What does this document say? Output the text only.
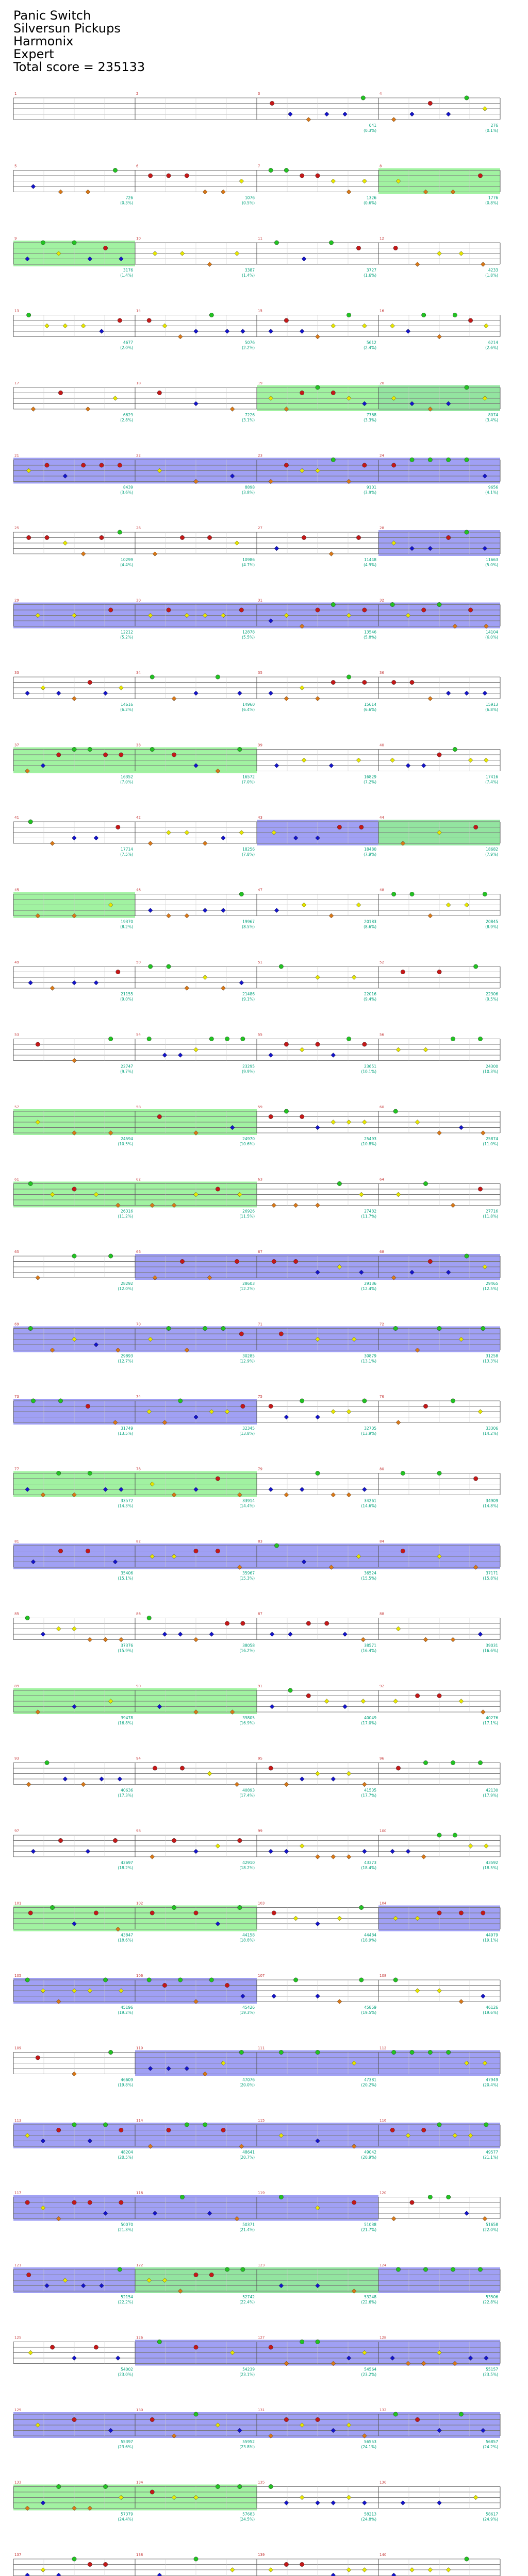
Panic Switch
Silversun Pickups
Harmonix
Expert
Total score = 235133
1	2	3
641
(0.3%)
4
276
(0.1%)
5
726
(0.3%)
6
1076
(0.5%)
7
1326
(0.6%)
8
1776
(0.8%)
9
3176
(1.4%)
10
3387
(1.4%)
11
3727
(1.6%)
12
4233
(1.8%)
13
4677
(2.0%)
14
5076
(2.2%)
15
5612
(2.4%)
16
6214
(2.6%)
17
6629
(2.8%)
18
7226
(3.1%)
19
7768
(3.3%)
20
8074
(3.4%)
21
8439
(3.6%)
22
8898
(3.8%)
23
9101
(3.9%)
24
9656
(4.1%)
25
10299
(4.4%)
26
10986
(4.7%)
27
11448
(4.9%)
28
11663
(5.0%)
29
12212
(5.2%)
30
12878
(5.5%)
31
13546
(5.8%)
32
14104
(6.0%)
33
14616
(6.2%)
34
14960
(6.4%)
35
15614
(6.6%)
36
15913
(6.8%)
37
16352
(7.0%)
38
16572
(7.0%)
39
16829
(7.2%)
40
17416
(7.4%)
41
17714
(7.5%)
42
18256
(7.8%)
43
18480
(7.9%)
44
18682
(7.9%)
45
19370
(8.2%)
46
19967
(8.5%)
47
20183
(8.6%)
48
20845
(8.9%)
49
21155
(9.0%)
50
21486
(9.1%)
51
22016
(9.4%)
52
22306
(9.5%)
53
22747
(9.7%)
54
23295
(9.9%)
55
23651
(10.1%)
56
24300
(10.3%)
57
24594
(10.5%)
58
24970
(10.6%)
59
25493
(10.8%)
60
25874
(11.0%)
61
26316
(11.2%)
62
26926
(11.5%)
63
27482
(11.7%)
64
27716
(11.8%)
65
28292
(12.0%)
66
28603
(12.2%)
67
29136
(12.4%)
68
29465
(12.5%)
69
29893
(12.7%)
70
30285
(12.9%)
71
30879
(13.1%)
72
31258
(13.3%)
73
31749
(13.5%)
74
32345
(13.8%)
75
32705
(13.9%)
76
33306
(14.2%)
77
33572
(14.3%)
78
33914
(14.4%)
79
34261
(14.6%)
80
34909
(14.8%)
81
35406
(15.1%)
82
35967
(15.3%)
83
36524
(15.5%)
84
37171
(15.8%)
85
37376
(15.9%)
86
38058
(16.2%)
87
38571
(16.4%)
88
39031
(16.6%)
89
39478
(16.8%)
90
39805
(16.9%)
91
40049
(17.0%)
92
40276
(17.1%)
93
40636
(17.3%)
94
40893
(17.4%)
95
41535
(17.7%)
96
42130
(17.9%)
97
42697
(18.2%)
98
42910
(18.2%)
99
43373
(18.4%)
100
43592
(18.5%)
101
43847
(18.6%)
102
44158
(18.8%)
103
44484
(18.9%)
104
44979
(19.1%)
105
45196
(19.2%)
106
45426
(19.3%)
107
45859
(19.5%)
108
46126
(19.6%)
109
46609
(19.8%)
110
47076
(20.0%)
111
47381
(20.2%)
112
47949
(20.4%)
113
48204
(20.5%)
114
48641
(20.7%)
115
49042
(20.9%)
116
49577
(21.1%)
117
50070
(21.3%)
118
50371
(21.4%)
119
51038
(21.7%)
120
51658
(22.0%)
121
52154
(22.2%)
122
52742
(22.4%)
123
53248
(22.6%)
124
53506
(22.8%)
125
54002
(23.0%)
126
54239
(23.1%)
127
54564
(23.2%)
128
55157
(23.5%)
129
55397
(23.6%)
130
55952
(23.8%)
131
56553
(24.1%)
132
56857
(24.2%)
133
57379
(24.4%)
134
57683
(24.5%)
135
58213
(24.8%)
136
58617
(24.9%)
137	138	139	140
